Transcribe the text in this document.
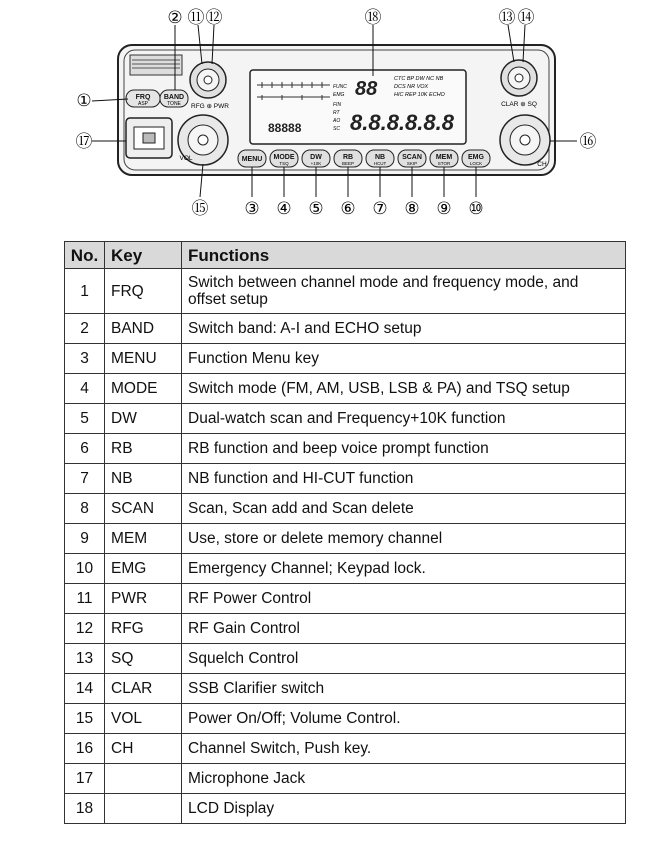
FRQ
ASP
BAND
TONE RFG ⊕ PWR
VOL
88888
FUNC
EMG
FIN
RT
AO
SC
88	CTC BP DW NC NB
DCS NR VOX
HIC REP 10K ECHO
8.8.8.8.8.8
CLAR ⊕ SQ
CH
MENU MODE
TSQ
DW
+10K
RB
BEEP
NB
HCUT
SCAN
SKIP
MEM
STOR
EMG
LOCK
①
② ⑪ ⑫	⑱	⑬ ⑭
⑰	⑯
⑮ ③ ④ ⑤ ⑥ ⑦ ⑧ ⑨ ⑩
No.	Key	Functions
1	FRQ	Switch between channel mode and frequency mode, and offset setup
2	BAND	Switch band: A-I and ECHO setup
3	MENU	Function Menu key
4	MODE	Switch mode (FM, AM, USB, LSB & PA) and TSQ setup
5	DW	Dual-watch scan and Frequency+10K function
6	RB	RB function and beep voice prompt function
7	NB	NB function and HI-CUT function
8	SCAN	Scan, Scan add and Scan delete
9	MEM	Use, store or delete memory channel
10	EMG	Emergency Channel; Keypad lock.
11	PWR	RF Power Control
12	RFG	RF Gain Control
13	SQ	Squelch Control
14	CLAR	SSB Clarifier switch
15	VOL	Power On/Off; Volume Control.
16	CH	Channel Switch, Push key.
17		Microphone Jack
18		LCD Display
